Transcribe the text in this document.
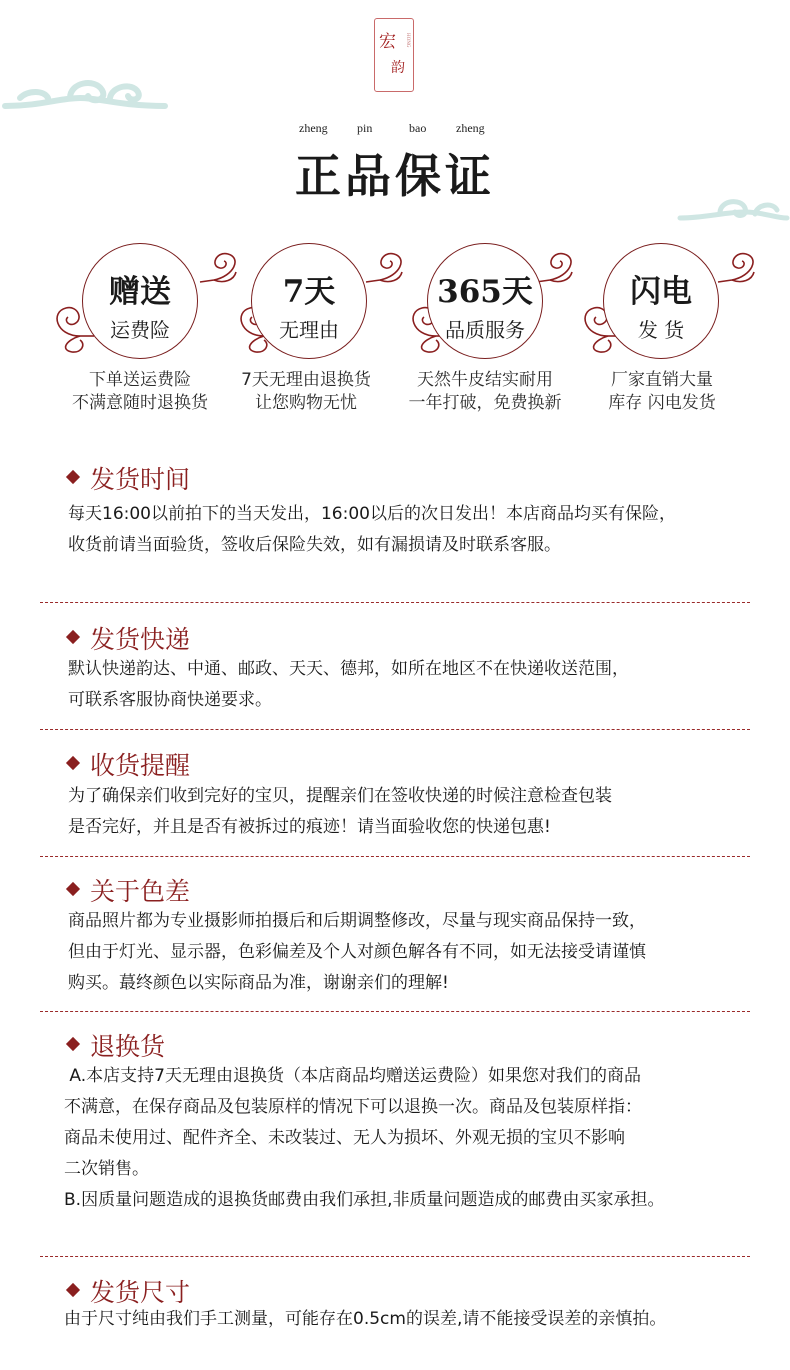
宏 HONG
韵
zheng pin	bao zheng
正品保证
赠送
运费险
7天
无理由
365天
品质服务
闪电
发 货
下单送运费险
不满意随时退换货
7天无理由退换货
让您购物无忧
天然牛皮结实耐用
一年打破，免费换新
厂家直销大量
库存 闪电发货
发货时间
每天16:00以前拍下的当天发出，16:00以后的次日发出！本店商品均买有保险，
收货前请当面验货，签收后保险失效，如有漏损请及时联系客服。
发货快递
默认快递韵达、中通、邮政、天天、德邦，如所在地区不在快递收送范围，
可联系客服协商快递要求。
收货提醒
为了确保亲们收到完好的宝贝，提醒亲们在签收快递的时候注意检查包装
是否完好，并且是否有被拆过的痕迹！请当面验收您的快递包惠!
关于色差
商品照片都为专业摄影师拍摄后和后期调整修改，尽量与现实商品保持一致，
但由于灯光、显示器，色彩偏差及个人对颜色解各有不同，如无法接受请谨慎
购买。蕞终颜色以实际商品为准，谢谢亲们的理解!
退换货
A.本店支持7天无理由退换货（本店商品均赠送运费险）如果您对我们的商品
不满意，在保存商品及包装原样的情况下可以退换一次。商品及包装原样指：
商品未使用过、配件齐全、未改装过、无人为损坏、外观无损的宝贝不影响
二次销售。
B.因质量问题造成的退换货邮费由我们承担,非质量问题造成的邮费由买家承担。
发货尺寸
由于尺寸纯由我们手工测量，可能存在0.5cm的误差,请不能接受误差的亲慎拍。
